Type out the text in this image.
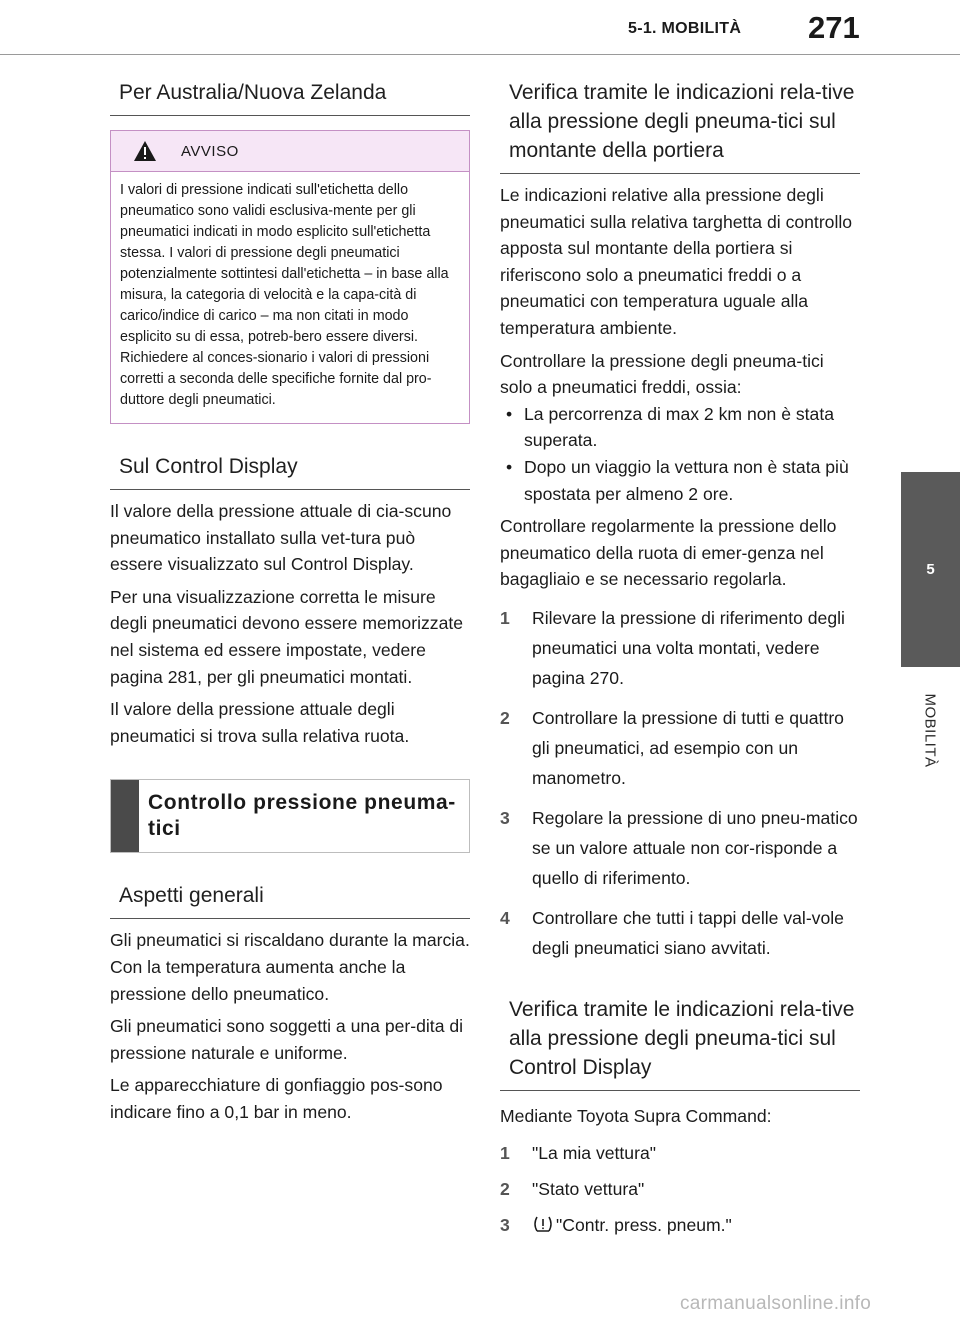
5-1. MOBILITÀ 271
5
MOBILITÀ
Per Australia/Nuova Zelanda
AVVISO
I valori di pressione indicati sull'etichetta dello pneumatico sono validi esclusiva-mente per gli pneumatici indicati in modo esplicito sull'etichetta stessa. I valori di pressione degli pneumatici potenzialmente sottintesi dall'etichetta – in base alla misura, la categoria di velocità e la capa-cità di carico/indice di carico – ma non citati in modo esplicito su di essa, potreb-bero essere diversi. Richiedere al conces-sionario i valori di pressioni corretti a seconda delle specifiche fornite dal pro-duttore degli pneumatici.
Sul Control Display

Il valore della pressione attuale di cia-scuno pneumatico installato sulla vet-tura può essere visualizzato sul Control Display.

Per una visualizzazione corretta le misure degli pneumatici devono essere memorizzate nel sistema ed essere impostate, vedere pagina 281, per gli pneumatici montati.

Il valore della pressione attuale degli pneumatici si trova sulla relativa ruota.

Controllo pressione pneuma-tici
Aspetti generali

Gli pneumatici si riscaldano durante la marcia. Con la temperatura aumenta anche la pressione dello pneumatico.

Gli pneumatici sono soggetti a una per-dita di pressione naturale e uniforme.

Le apparecchiature di gonfiaggio pos-sono indicare fino a 0,1 bar in meno.

Verifica tramite le indicazioni rela-tive alla pressione degli pneuma-tici sul montante della portiera

Le indicazioni relative alla pressione degli pneumatici sulla relativa targhetta di controllo apposta sul montante della portiera si riferiscono solo a pneumatici freddi o a pneumatici con temperatura uguale alla temperatura ambiente.

Controllare la pressione degli pneuma-tici solo a pneumatici freddi, ossia:

• La percorrenza di max 2 km non è stata superata.
• Dopo un viaggio la vettura non è stata più spostata per almeno 2 ore.

Controllare regolarmente la pressione dello pneumatico della ruota di emer-genza nel bagagliaio e se necessario regolarla.

1	Rilevare la pressione di riferimento degli pneumatici una volta montati, vedere pagina 270.
2	Controllare la pressione di tutti e quattro gli pneumatici, ad esempio con un manometro.
3	Regolare la pressione di uno pneu-matico se un valore attuale non cor-risponde a quello di riferimento.
4	Controllare che tutti i tappi delle val-vole degli pneumatici siano avvitati.
Verifica tramite le indicazioni rela-tive alla pressione degli pneuma-tici sul Control Display

Mediante Toyota Supra Command:

1	"La mia vettura"
2	"Stato vettura"
3	"Contr. press. pneum."
carmanualsonline.info
